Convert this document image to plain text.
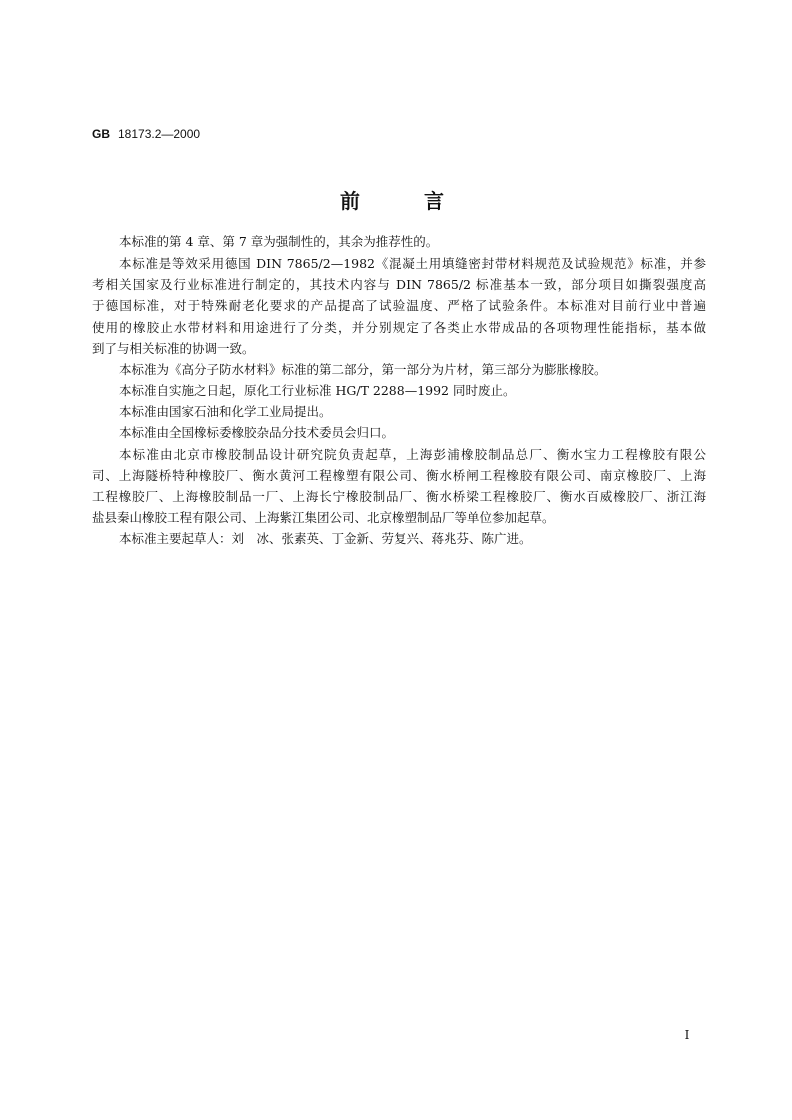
GB 18173.2—2000
前　　言
本标准的第 4 章、第 7 章为强制性的，其余为推荐性的。
本标准是等效采用德国 DIN 7865/2—1982《混凝土用填缝密封带材料规范及试验规范》标准，并参
考相关国家及行业标准进行制定的，其技术内容与 DIN 7865/2 标准基本一致，部分项目如撕裂强度高
于德国标准，对于特殊耐老化要求的产品提高了试验温度、严格了试验条件。本标准对目前行业中普遍
使用的橡胶止水带材料和用途进行了分类，并分别规定了各类止水带成品的各项物理性能指标，基本做
到了与相关标准的协调一致。
本标准为《高分子防水材料》标准的第二部分，第一部分为片材，第三部分为膨胀橡胶。
本标准自实施之日起，原化工行业标准 HG/T 2288—1992 同时废止。
本标准由国家石油和化学工业局提出。
本标准由全国橡标委橡胶杂品分技术委员会归口。
本标准由北京市橡胶制品设计研究院负责起草，上海彭浦橡胶制品总厂、衡水宝力工程橡胶有限公
司、上海隧桥特种橡胶厂、衡水黄河工程橡塑有限公司、衡水桥闸工程橡胶有限公司、南京橡胶厂、上海
工程橡胶厂、上海橡胶制品一厂、上海长宁橡胶制品厂、衡水桥梁工程橡胶厂、衡水百威橡胶厂、浙江海
盐县秦山橡胶工程有限公司、上海紫江集团公司、北京橡塑制品厂等单位参加起草。
本标准主要起草人：刘　冰、张素英、丁金新、劳复兴、蒋兆芬、陈广进。
I
